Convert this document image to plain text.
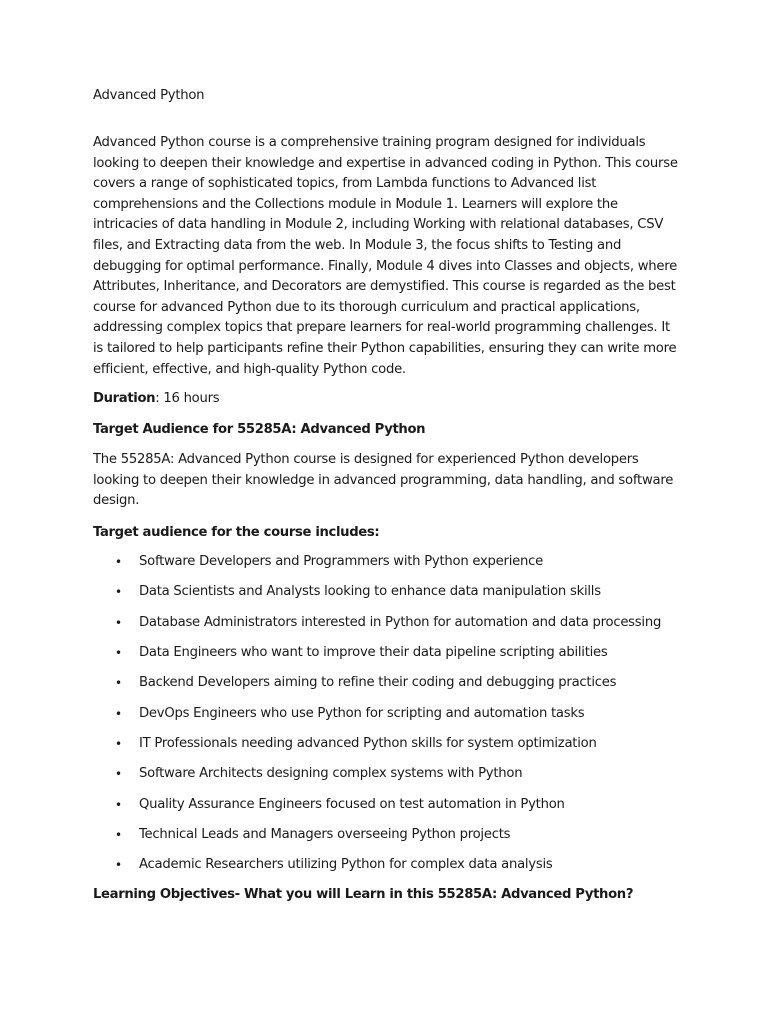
Advanced Python

Advanced Python course is a comprehensive training program designed for individuals looking to deepen their knowledge and expertise in advanced coding in Python. This course covers a range of sophisticated topics, from Lambda functions to Advanced list comprehensions and the Collections module in Module 1. Learners will explore the intricacies of data handling in Module 2, including Working with relational databases, CSV files, and Extracting data from the web. In Module 3, the focus shifts to Testing and debugging for optimal performance. Finally, Module 4 dives into Classes and objects, where Attributes, Inheritance, and Decorators are demystified. This course is regarded as the best course for advanced Python due to its thorough curriculum and practical applications, addressing complex topics that prepare learners for real-world programming challenges. It is tailored to help participants refine their Python capabilities, ensuring they can write more efficient, effective, and high-quality Python code.

Duration: 16 hours

Target Audience for 55285A: Advanced Python

The 55285A: Advanced Python course is designed for experienced Python developers looking to deepen their knowledge in advanced programming, data handling, and software design.

Target audience for the course includes:

• Software Developers and Programmers with Python experience
• Data Scientists and Analysts looking to enhance data manipulation skills
• Database Administrators interested in Python for automation and data processing
• Data Engineers who want to improve their data pipeline scripting abilities
• Backend Developers aiming to refine their coding and debugging practices
• DevOps Engineers who use Python for scripting and automation tasks
• IT Professionals needing advanced Python skills for system optimization
• Software Architects designing complex systems with Python
• Quality Assurance Engineers focused on test automation in Python
• Technical Leads and Managers overseeing Python projects
• Academic Researchers utilizing Python for complex data analysis

Learning Objectives- What you will Learn in this 55285A: Advanced Python?
